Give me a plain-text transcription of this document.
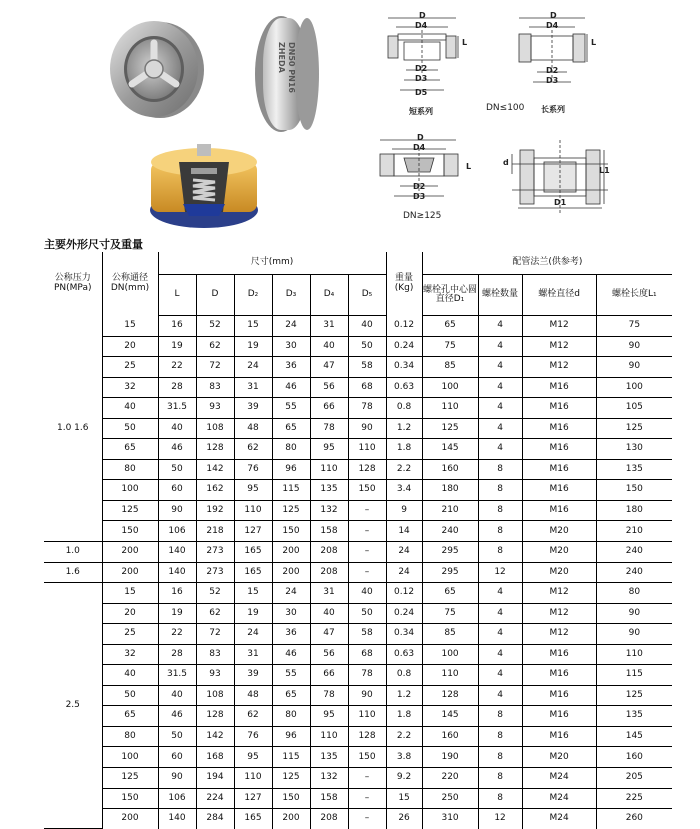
ZHEDA DN50 PN16
D
D4
D2
D3
D5
L
短系列	DN≤100
D
D4
D2
D3
L
长系列
D
D4
D2
D3
L
DN≥125
L1
D1
d
主要外形尺寸及重量
公称压力 PN(MPa)	公称通径 DN(mm)	尺寸(mm)						重量 (Kg)	配管法兰(供参考)			
		L	D	D₂	D₃	D₄	D₅		螺栓孔中心圆直径D₁	螺栓数量	螺栓直径d	螺栓长度L₁
1.0 1.6	15	16	52	15	24	31	40	0.12	65	4	M12	75
	20	19	62	19	30	40	50	0.24	75	4	M12	90
	25	22	72	24	36	47	58	0.34	85	4	M12	90
	32	28	83	31	46	56	68	0.63	100	4	M16	100
	40	31.5	93	39	55	66	78	0.8	110	4	M16	105
	50	40	108	48	65	78	90	1.2	125	4	M16	125
	65	46	128	62	80	95	110	1.8	145	4	M16	130
	80	50	142	76	96	110	128	2.2	160	8	M16	135
	100	60	162	95	115	135	150	3.4	180	8	M16	150
	125	90	192	110	125	132	–	9	210	8	M16	180
	150	106	218	127	150	158	–	14	240	8	M20	210
1.0	200	140	273	165	200	208	–	24	295	8	M20	240
1.6	200	140	273	165	200	208	–	24	295	12	M20	240
2.5	15	16	52	15	24	31	40	0.12	65	4	M12	80
	20	19	62	19	30	40	50	0.24	75	4	M12	90
	25	22	72	24	36	47	58	0.34	85	4	M12	90
	32	28	83	31	46	56	68	0.63	100	4	M16	110
	40	31.5	93	39	55	66	78	0.8	110	4	M16	115
	50	40	108	48	65	78	90	1.2	128	4	M16	125
	65	46	128	62	80	95	110	1.8	145	8	M16	135
	80	50	142	76	96	110	128	2.2	160	8	M16	145
	100	60	168	95	115	135	150	3.8	190	8	M20	160
	125	90	194	110	125	132	–	9.2	220	8	M24	205
	150	106	224	127	150	158	–	15	250	8	M24	225
	200	140	284	165	200	208	–	26	310	12	M24	260
